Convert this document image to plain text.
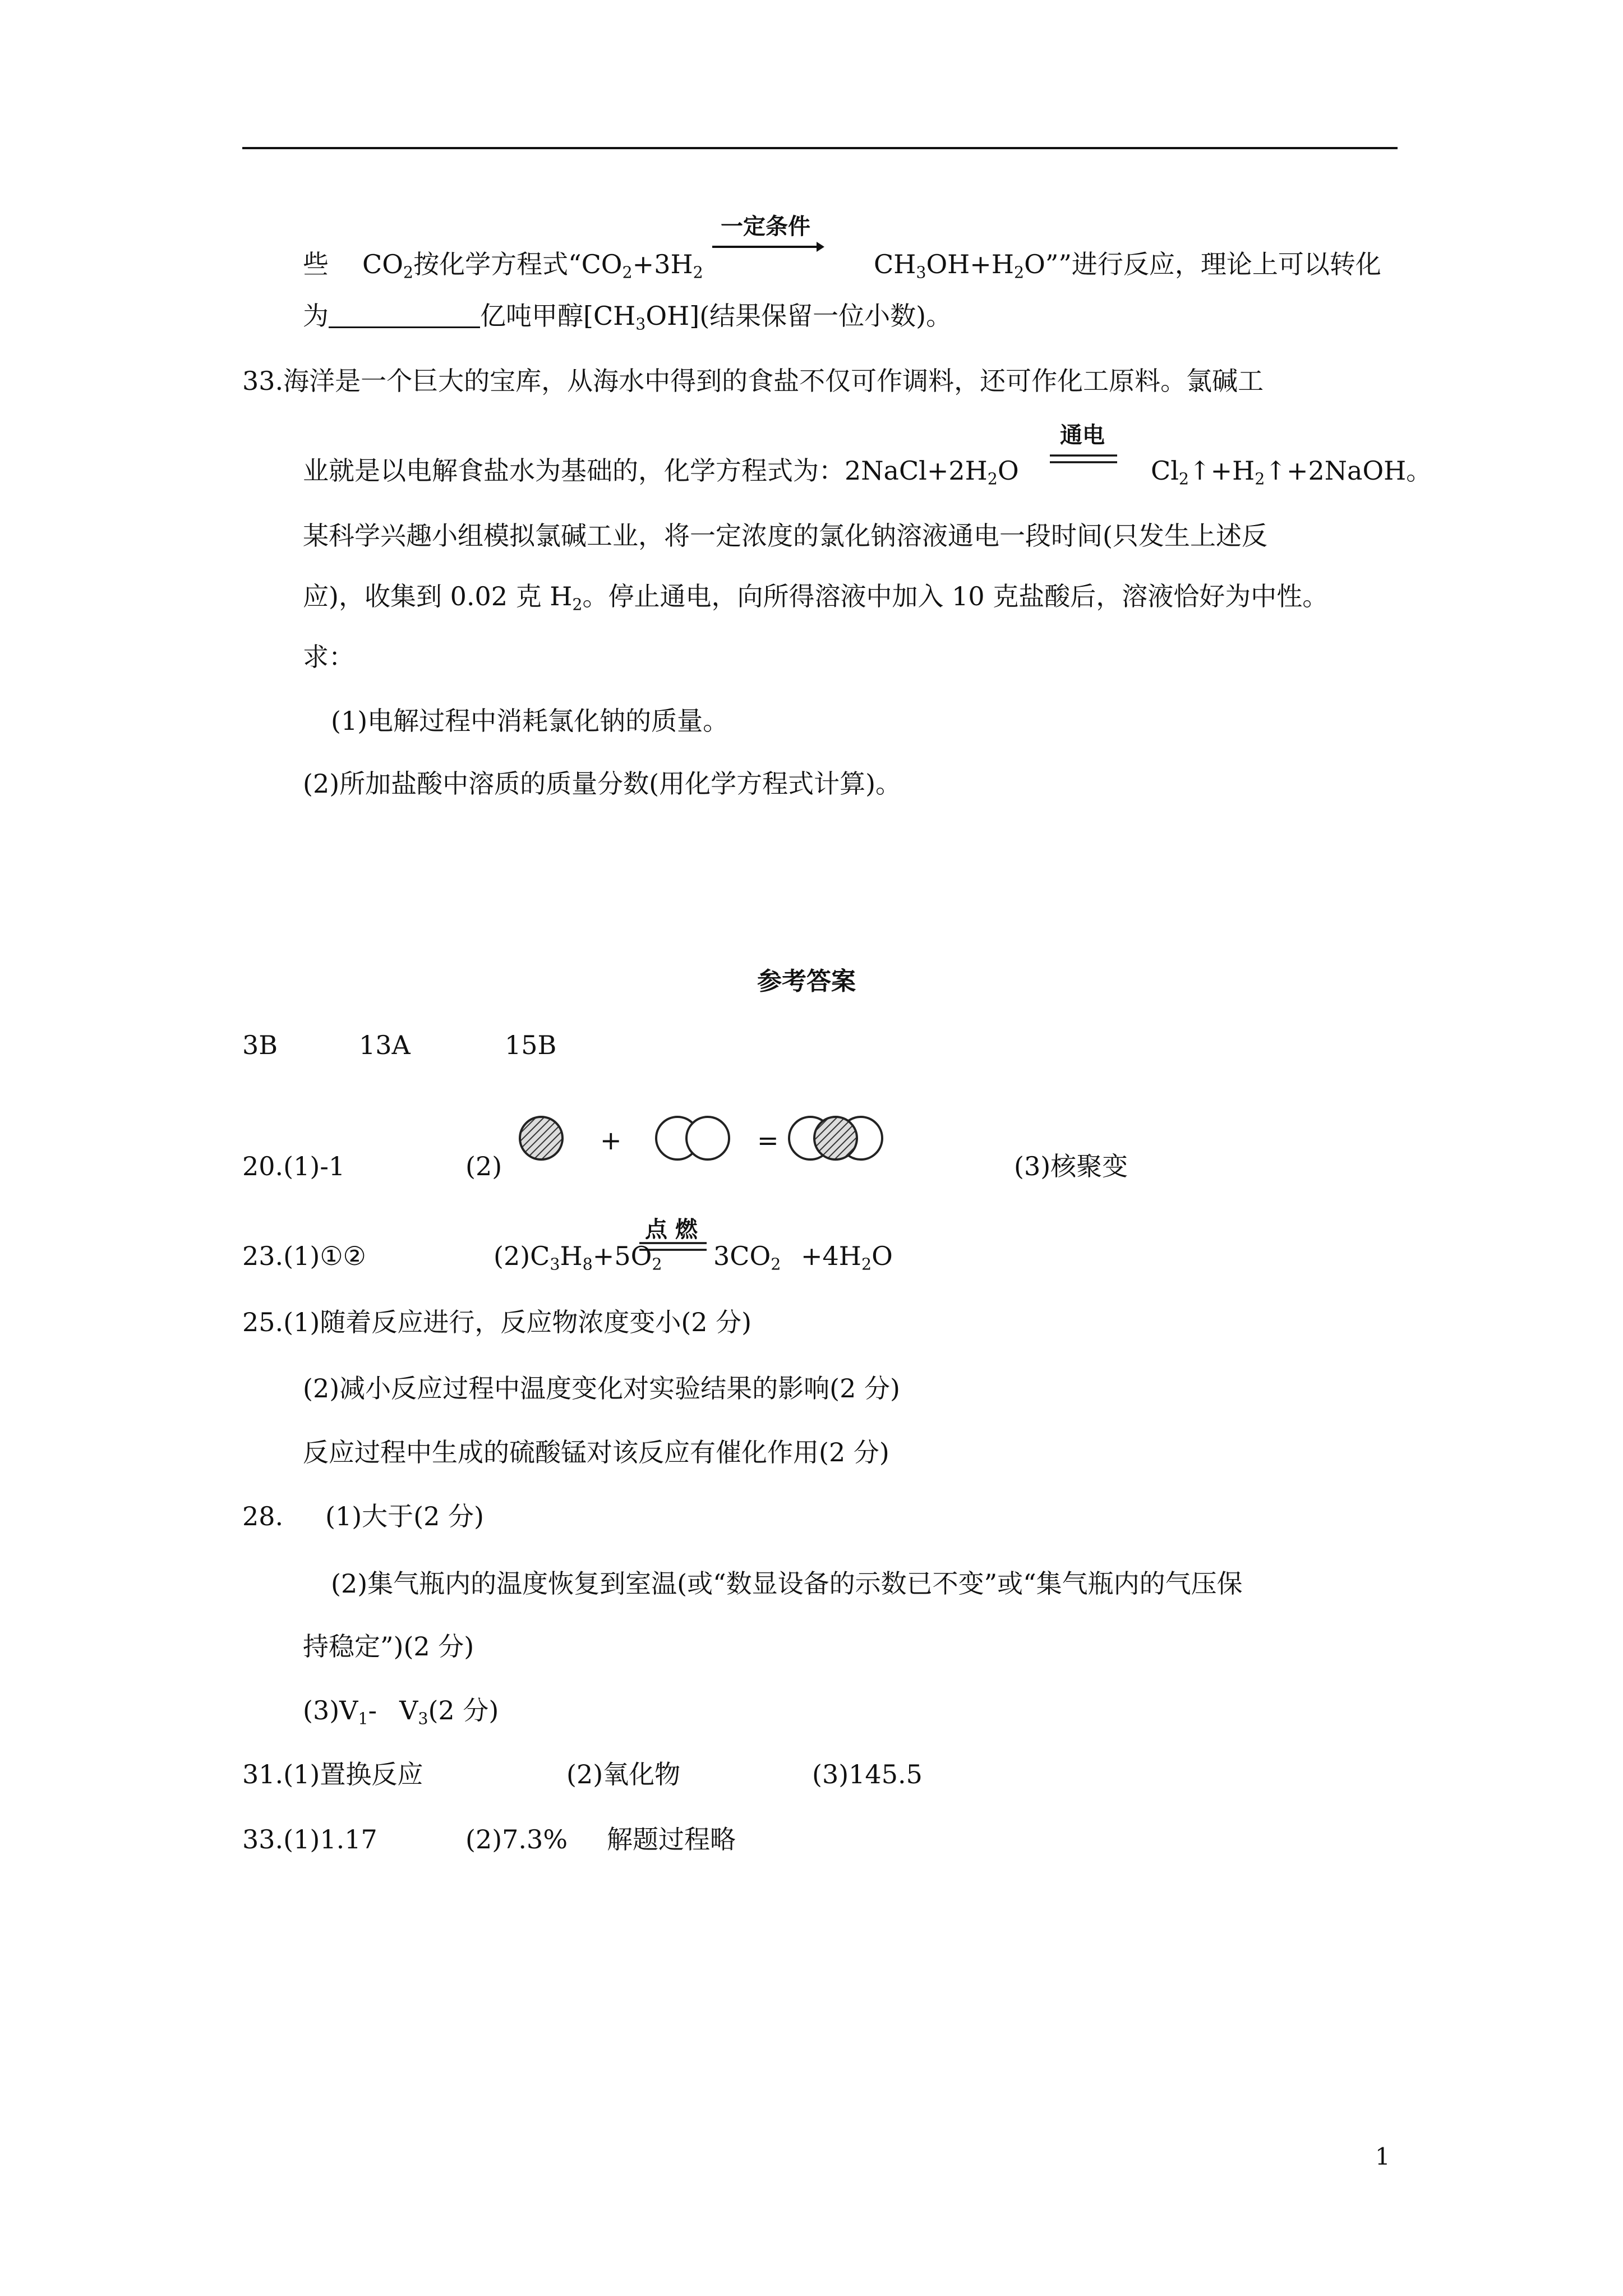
些 $CO_2$按化学方程式“$CO_2+3H_2$
一定条件
$CH_3OH+H_2O$””进行反应，理论上可以转化
为	亿吨甲醇$[CH_3OH]$(结果保留一位小数)。
33.海洋是一个巨大的宝库，从海水中得到的食盐不仅可作调料，还可作化工原料。氯碱工
业就是以电解食盐水为基础的，化学方程式为：$2NaCl+2H_2O$
通电
$Cl_2↑+H_2↑+2NaOH$。
某科学兴趣小组模拟氯碱工业，将一定浓度的氯化钠溶液通电一段时间(只发生上述反
应)，收集到 0.02 克 $H_2$。停止通电，向所得溶液中加入 10 克盐酸后，溶液恰好为中性。
求：
(1)电解过程中消耗氯化钠的质量。
(2)所加盐酸中溶质的质量分数(用化学方程式计算)。
参考答案
3B	13A	15B
20.(1)-1	(2)
+	=
(3)核聚变
23.(1)①②	$(2)C_3H_8+5O_2$
点 燃
$3CO_2 +4H_2O$
25.(1)随着反应进行，反应物浓度变小(2 分)
(2)减小反应过程中温度变化对实验结果的影响(2 分)
反应过程中生成的硫酸锰对该反应有催化作用(2 分)
28. (1)大于(2 分)
(2)集气瓶内的温度恢复到室温(或“数显设备的示数已不变”或“集气瓶内的气压保
持稳定”)(2 分)
$(3)V_1-$ $V_3(2$ 分)
31.(1)置换反应	(2)氧化物	(3)145.5
33.(1)1.17	(2)7.3% 解题过程略
1
